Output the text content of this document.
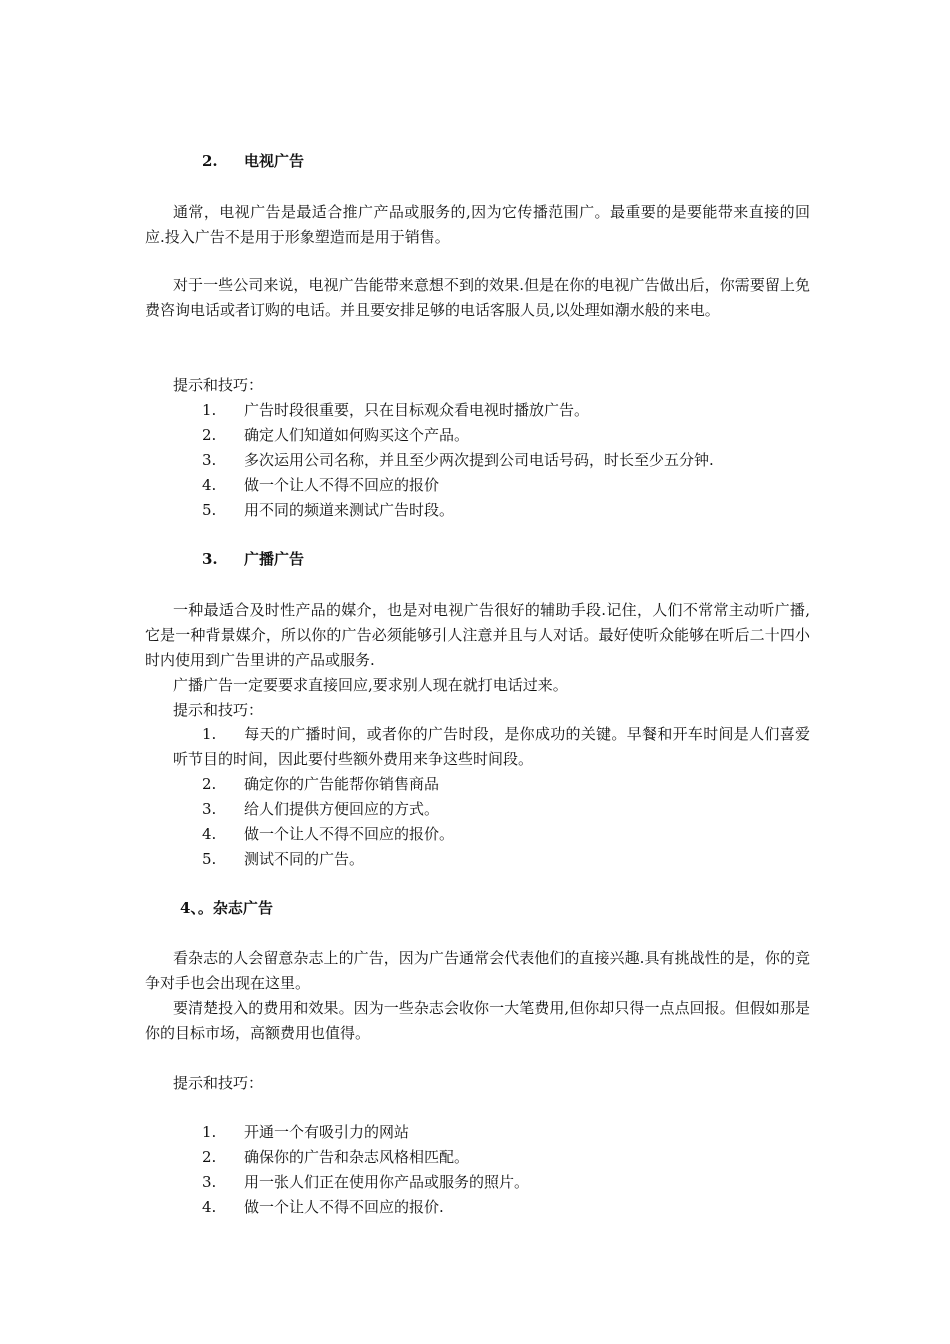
2. 电视广告

通常，电视广告是最适合推广产品或服务的,因为它传播范围广。最重要的是要能带来直接的回应.投入广告不是用于形象塑造而是用于销售。

对于一些公司来说，电视广告能带来意想不到的效果.但是在你的电视广告做出后，你需要留上免费咨询电话或者订购的电话。并且要安排足够的电话客服人员,以处理如潮水般的来电。

提示和技巧：

1. 广告时段很重要，只在目标观众看电视时播放广告。
2. 确定人们知道如何购买这个产品。
3. 多次运用公司名称，并且至少两次提到公司电话号码，时长至少五分钟.
4. 做一个让人不得不回应的报价
5. 用不同的频道来测试广告时段。
3. 广播广告

一种最适合及时性产品的媒介，也是对电视广告很好的辅助手段.记住，人们不常常主动听广播,它是一种背景媒介，所以你的广告必须能够引人注意并且与人对话。最好使听众能够在听后二十四小时内使用到广告里讲的产品或服务.

广播广告一定要要求直接回应,要求别人现在就打电话过来。

提示和技巧：

1. 每天的广播时间，或者你的广告时段，是你成功的关键。早餐和开车时间是人们喜爱听节目的时间，因此要付些额外费用来争这些时间段。

2. 确定你的广告能帮你销售商品
3. 给人们提供方便回应的方式。
4. 做一个让人不得不回应的报价。
5. 测试不同的广告。
4、。杂志广告

看杂志的人会留意杂志上的广告，因为广告通常会代表他们的直接兴趣.具有挑战性的是，你的竞争对手也会出现在这里。

要清楚投入的费用和效果。因为一些杂志会收你一大笔费用,但你却只得一点点回报。但假如那是你的目标市场，高额费用也值得。

提示和技巧：

1. 开通一个有吸引力的网站
2. 确保你的广告和杂志风格相匹配。
3. 用一张人们正在使用你产品或服务的照片。
4. 做一个让人不得不回应的报价.
